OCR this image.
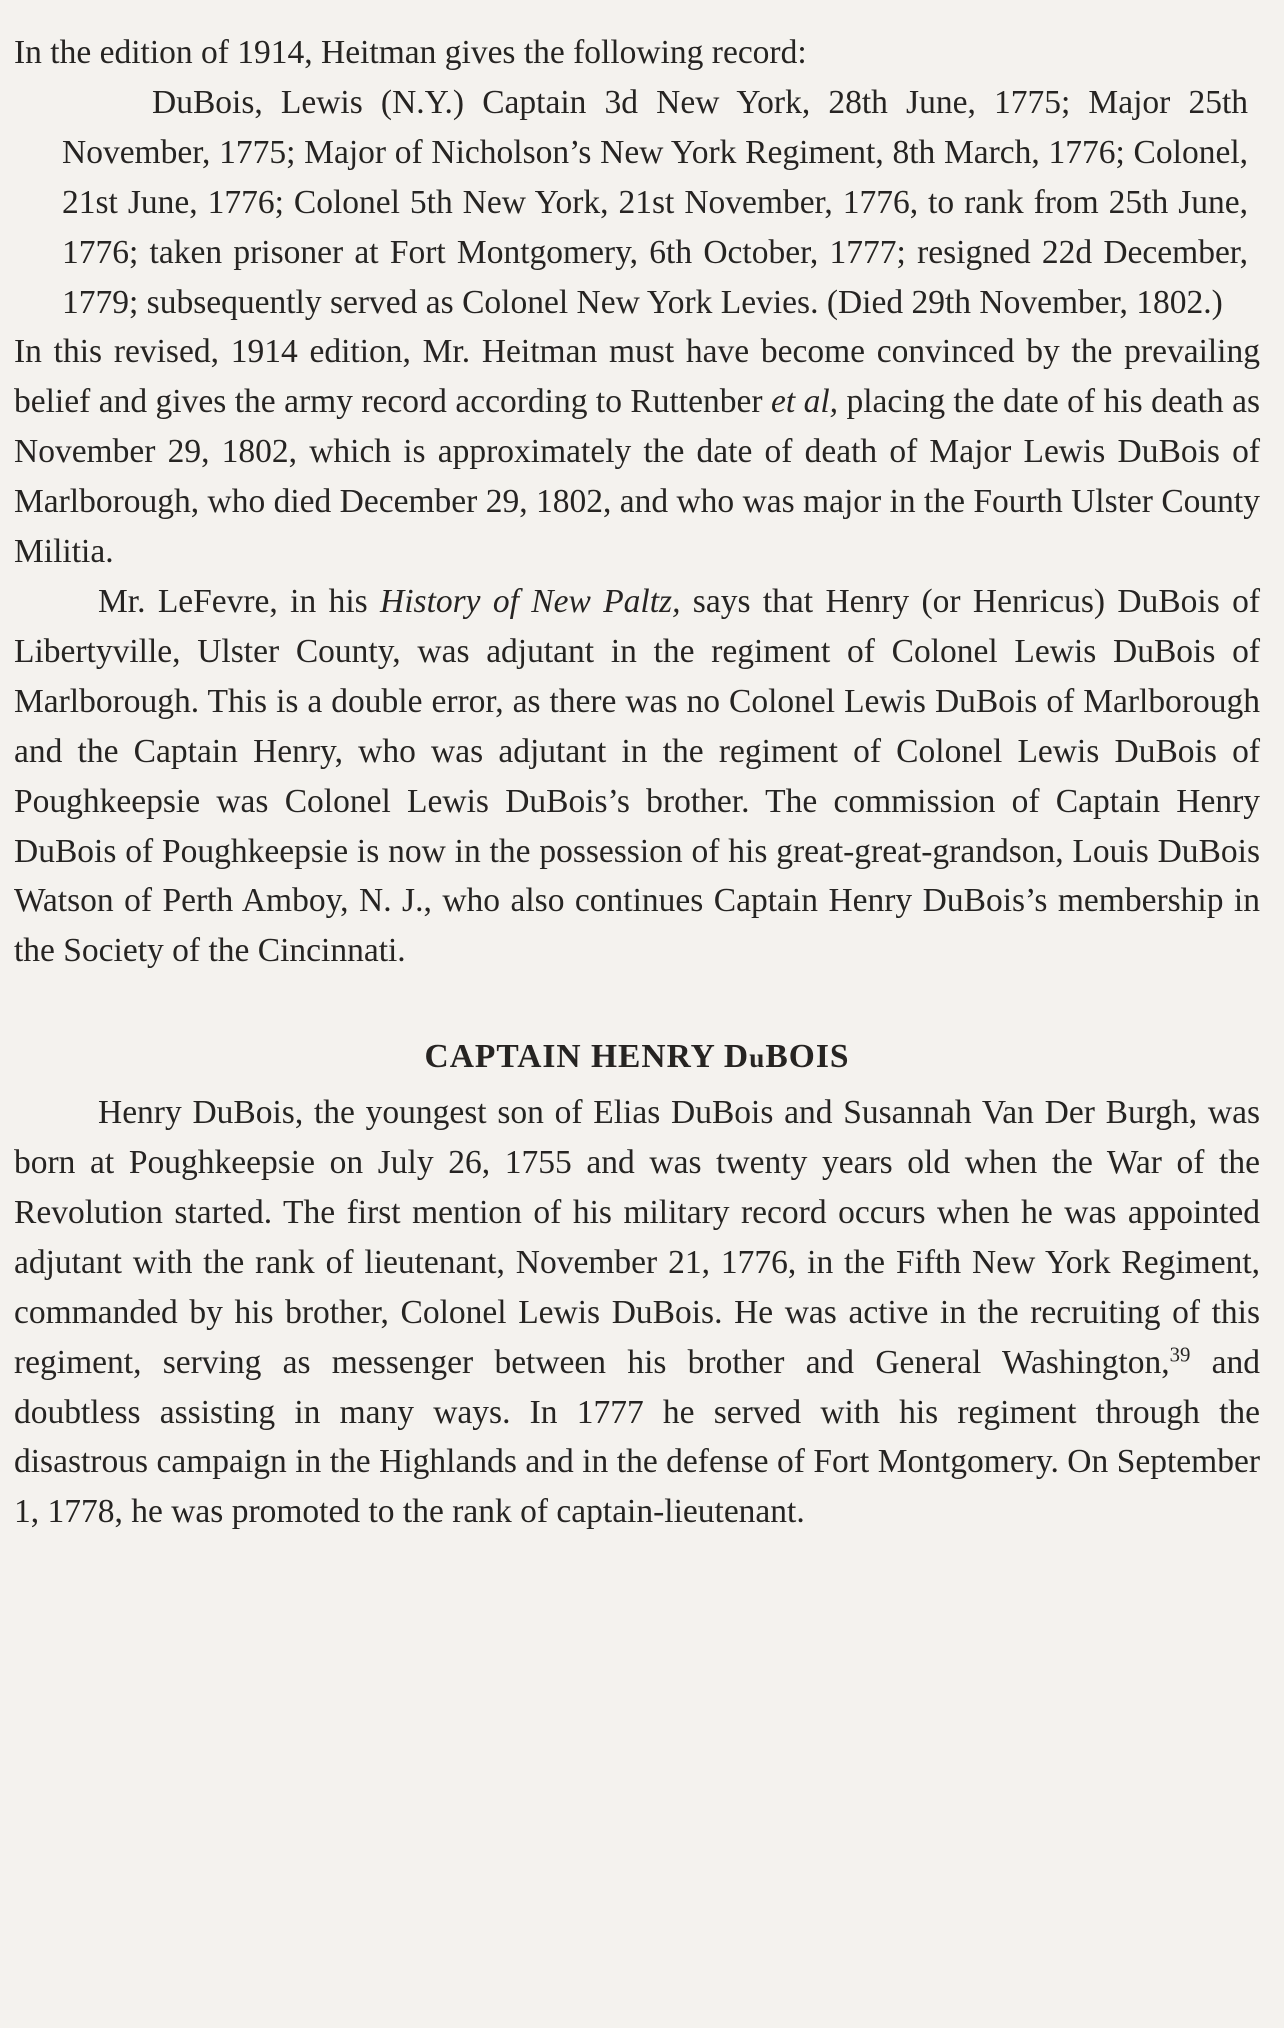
In the edition of 1914, Heitman gives the following record:

DuBois, Lewis (N.Y.) Captain 3d New York, 28th June, 1775; Major 25th November, 1775; Major of Nicholson’s New York Regiment, 8th March, 1776; Colonel, 21st June, 1776; Colonel 5th New York, 21st November, 1776, to rank from 25th June, 1776; taken prisoner at Fort Montgomery, 6th October, 1777; resigned 22d December, 1779; subsequently served as Colonel New York Levies. (Died 29th November, 1802.)

In this revised, 1914 edition, Mr. Heitman must have become convinced by the prevailing belief and gives the army record according to Ruttenber et al, placing the date of his death as November 29, 1802, which is approximately the date of death of Major Lewis DuBois of Marlborough, who died December 29, 1802, and who was major in the Fourth Ulster County Militia.

Mr. LeFevre, in his History of New Paltz, says that Henry (or Henricus) DuBois of Libertyville, Ulster County, was adjutant in the regiment of Colonel Lewis DuBois of Marlborough. This is a double error, as there was no Colonel Lewis DuBois of Marlborough and the Captain Henry, who was adjutant in the regiment of Colonel Lewis DuBois of Poughkeepsie was Colonel Lewis DuBois’s brother. The commission of Captain Henry DuBois of Poughkeepsie is now in the possession of his great-great-grandson, Louis DuBois Watson of Perth Amboy, N. J., who also continues Captain Henry DuBois’s membership in the Society of the Cincinnati.

CAPTAIN HENRY DuBOIS

Henry DuBois, the youngest son of Elias DuBois and Susannah Van Der Burgh, was born at Poughkeepsie on July 26, 1755 and was twenty years old when the War of the Revolution started. The first mention of his military record occurs when he was appointed adjutant with the rank of lieutenant, November 21, 1776, in the Fifth New York Regiment, commanded by his brother, Colonel Lewis DuBois. He was active in the recruiting of this regiment, serving as messenger between his brother and General Washington,$^{39}$ and doubtless assisting in many ways. In 1777 he served with his regiment through the disastrous campaign in the Highlands and in the defense of Fort Montgomery. On September 1, 1778, he was promoted to the rank of captain-lieutenant.
